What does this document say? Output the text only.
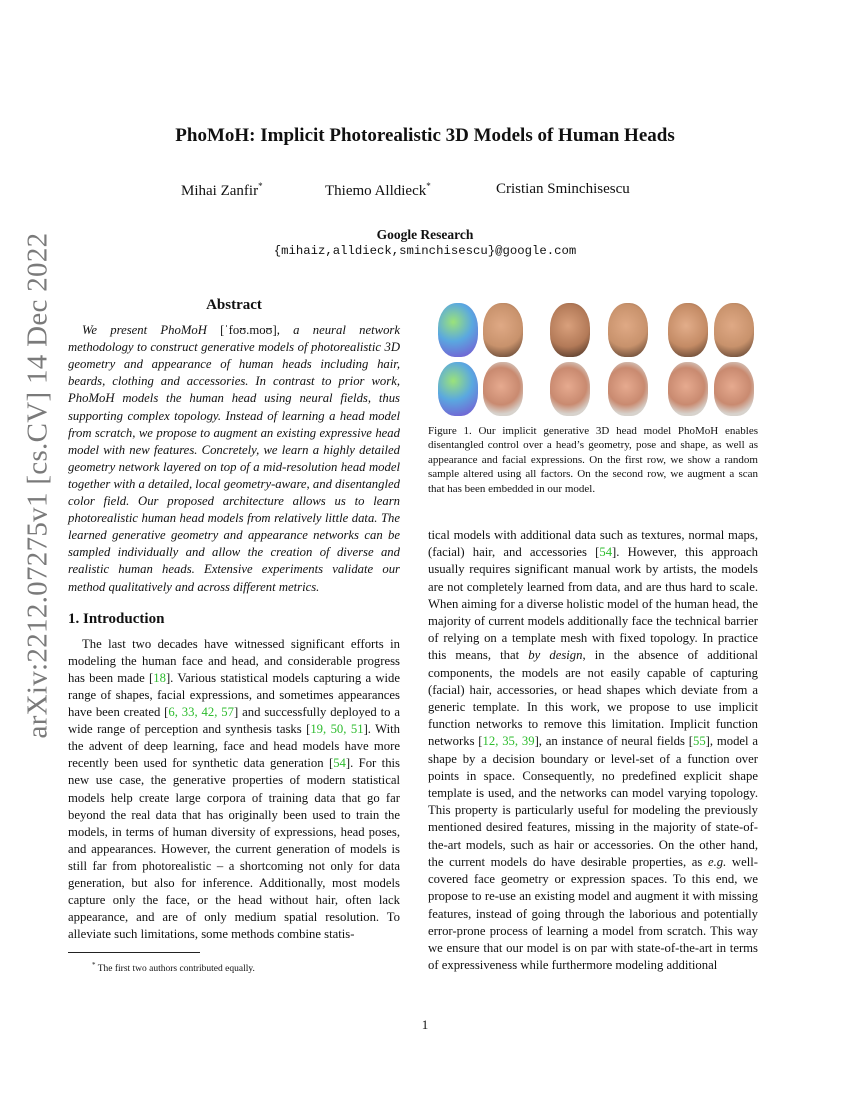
arXiv:2212.07275v1 [cs.CV] 14 Dec 2022
PhoMoH: Implicit Photorealistic 3D Models of Human Heads
Mihai Zanfir*	Thiemo Alldieck*	Cristian Sminchisescu
Google Research
{mihaiz,alldieck,sminchisescu}@google.com
Abstract
We present PhoMoH [ˈfoʊ.moʊ], a neural network methodology to construct generative models of photorealistic 3D geometry and appearance of human heads including hair, beards, clothing and accessories. In contrast to prior work, PhoMoH models the human head using neural fields, thus supporting complex topology. Instead of learning a head model from scratch, we propose to augment an existing expressive head model with new features. Concretely, we learn a highly detailed geometry network layered on top of a mid-resolution head model together with a detailed, local geometry-aware, and disentangled color field. Our proposed architecture allows us to learn photorealistic human head models from relatively little data. The learned generative geometry and appearance networks can be sampled individually and allow the creation of diverse and realistic human heads. Extensive experiments validate our method qualitatively and across different metrics.
1. Introduction
The last two decades have witnessed significant efforts in modeling the human face and head, and considerable progress has been made [18]. Various statistical models capturing a wide range of shapes, facial expressions, and sometimes appearances have been created [6, 33, 42, 57] and successfully deployed to a wide range of perception and synthesis tasks [19, 50, 51]. With the advent of deep learning, face and head models have more recently been used for synthetic data generation [54]. For this new use case, the generative properties of modern statistical models help create large corpora of training data that go far beyond the real data that has originally been used to train the models, in terms of human diversity of expressions, head poses, and appearances. However, the current generation of models is still far from photorealistic – a shortcoming not only for data generation, but also for inference. Additionally, most models capture only the face, or the head without hair, often lack appearance, and are of only medium spatial resolution. To alleviate such limitations, some methods combine statis-
* The first two authors contributed equally.
Figure 1. Our implicit generative 3D head model PhoMoH enables disentangled control over a head’s geometry, pose and shape, as well as appearance and facial expressions. On the first row, we show a random sample altered using all factors. On the second row, we augment a scan that has been embedded in our model.
tical models with additional data such as textures, normal maps, (facial) hair, and accessories [54]. However, this approach usually requires significant manual work by artists, the models are not completely learned from data, and are thus hard to scale. When aiming for a diverse holistic model of the human head, the majority of current models additionally face the technical barrier of relying on a template mesh with fixed topology. In practice this means, that by design, in the absence of additional components, the models are not easily capable of capturing (facial) hair, accessories, or head shapes which deviate from a generic template. In this work, we propose to use implicit function networks to remove this limitation. Implicit function networks [12, 35, 39], an instance of neural fields [55], model a shape by a decision boundary or level-set of a function over points in space. Consequently, no predefined explicit shape template is used, and the networks can model varying topology. This property is particularly useful for modeling the previously mentioned desired features, missing in the majority of state-of-the-art models, such as hair or accessories. On the other hand, the current models do have desirable properties, as e.g. well-covered face geometry or expression spaces. To this end, we propose to re-use an existing model and augment it with missing features, instead of going through the laborious and potentially error-prone process of learning a model from scratch. This way we ensure that our model is on par with state-of-the-art in terms of expressiveness while furthermore modeling additional
1
